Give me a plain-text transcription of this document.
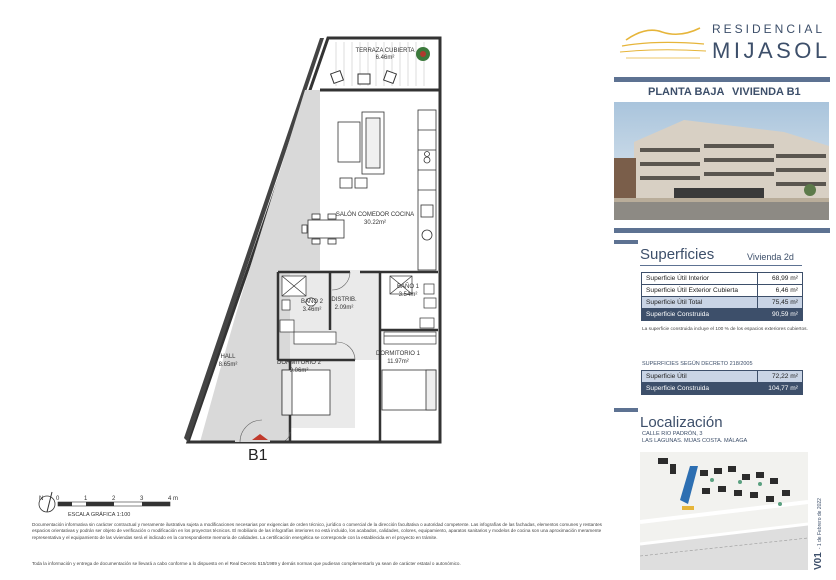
TERRAZA CUBIERTA
6.46m²
SALÓN COMEDOR COCINA
30.22m²
BAÑO 2
3.46m²
DISTRIB.
2.09m²
BAÑO 1
3.54m²
HALL
8.65m²	DORMITORIO 2
9.06m²
DORMITORIO 1
11.97m²
B1
N 0	1	2	3	4 m
ESCALA GRÁFICA 1:100
Documentación informativa sin carácter contractual y meramente ilustrativa sujeta a modificaciones necesarias por exigencias de orden técnico, jurídico o comercial de la dirección facultativa o autoridad competente. Las infografías de las fachadas, elementos comunes y restantes espacios orientativas y podrán ser objeto de verificación o modificación en los proyectos técnicos. El mobiliario de las infografías interiores no está incluido, los acabados, calidades, colores, equipamiento, aparatos sanitarios y modelos de cocina son una aproximación meramente representativa y el equipamiento de las viviendas será el indicado en la correspondiente memoria de calidades. La certificación energética se corresponde con la establecida en el proyecto en trámite.
Toda la información y entrega de documentación se llevará a cabo conforme a lo dispuesto en el Real Decreto 515/1989 y demás normas que pudieran complementarlo ya sean de carácter estatal o autonómico.
RESIDENCIAL
MIJASOL
PLANTA BAJA VIVIENDA B1
Superficies	Vivienda 2d
Superficie Útil Interior	68,99 m²
Superficie Útil Exterior Cubierta	6,46 m²
Superficie Útil Total	75,45 m²
Superficie Construida	90,59 m²
La superficie construida incluye el 100 % de los espacios exteriores cubiertos.
SUPERFICIES SEGÚN DECRETO 218/2005
Superficie Útil	72,22 m²
Superficie Construida	104,77 m²
Localización
CALLE RIO PADRÓN, 3
LAS LAGUNAS. MIJAS COSTA. MÁLAGA
V01- 1 de Febrero de 2022
